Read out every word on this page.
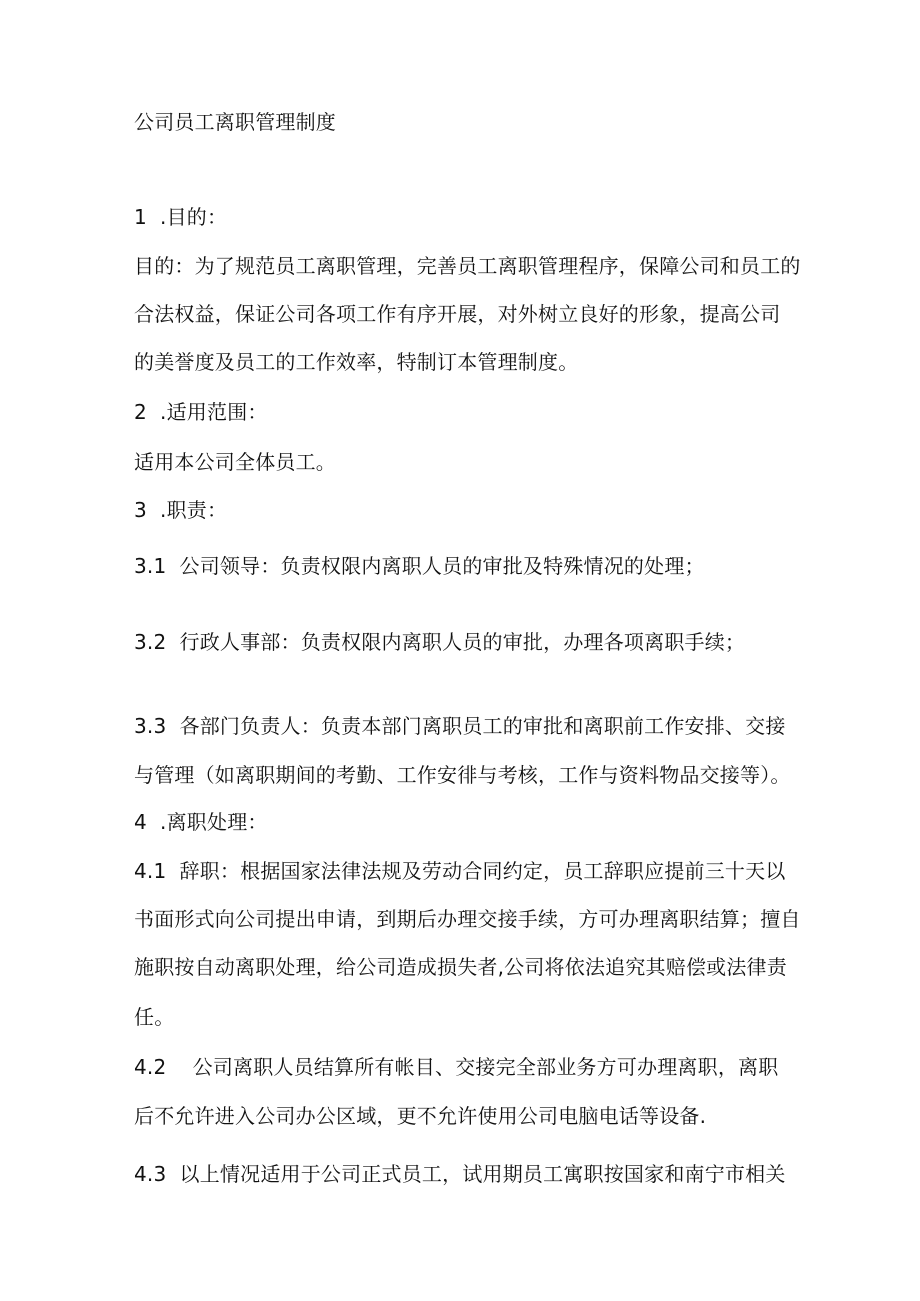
公司员工离职管理制度
1  .目的：
目的：为了规范员工离职管理，完善员工离职管理程序，保障公司和员工的
合法权益，保证公司各项工作有序开展，对外树立良好的形象，提高公司
的美誉度及员工的工作效率，特制订本管理制度。
2  .适用范围：
适用本公司全体员工。
3  .职责：
3.1  公司领导：负责权限内离职人员的审批及特殊情况的处理；
3.2  行政人事部：负责权限内离职人员的审批，办理各项离职手续；
3.3  各部门负责人：负责本部门离职员工的审批和离职前工作安排、交接
与管理（如离职期间的考勤、工作安徘与考核，工作与资料物品交接等）。
4  .离职处理：
4.1  辞职：根据国家法律法规及劳动合同约定，员工辞职应提前三十天以
书面形式向公司提出申请，到期后办理交接手续，方可办理离职结算；擅自
施职按自动离职处理，给公司造成损失者,公司将依法追究其赔偿或法律责
任。
4.2    公司离职人员结算所有帐目、交接完全部业务方可办理离职，离职
后不允许进入公司办公区域，更不允许使用公司电脑电话等设备.
4.3  以上情况适用于公司正式员工，试用期员工寓职按国家和南宁市相关
